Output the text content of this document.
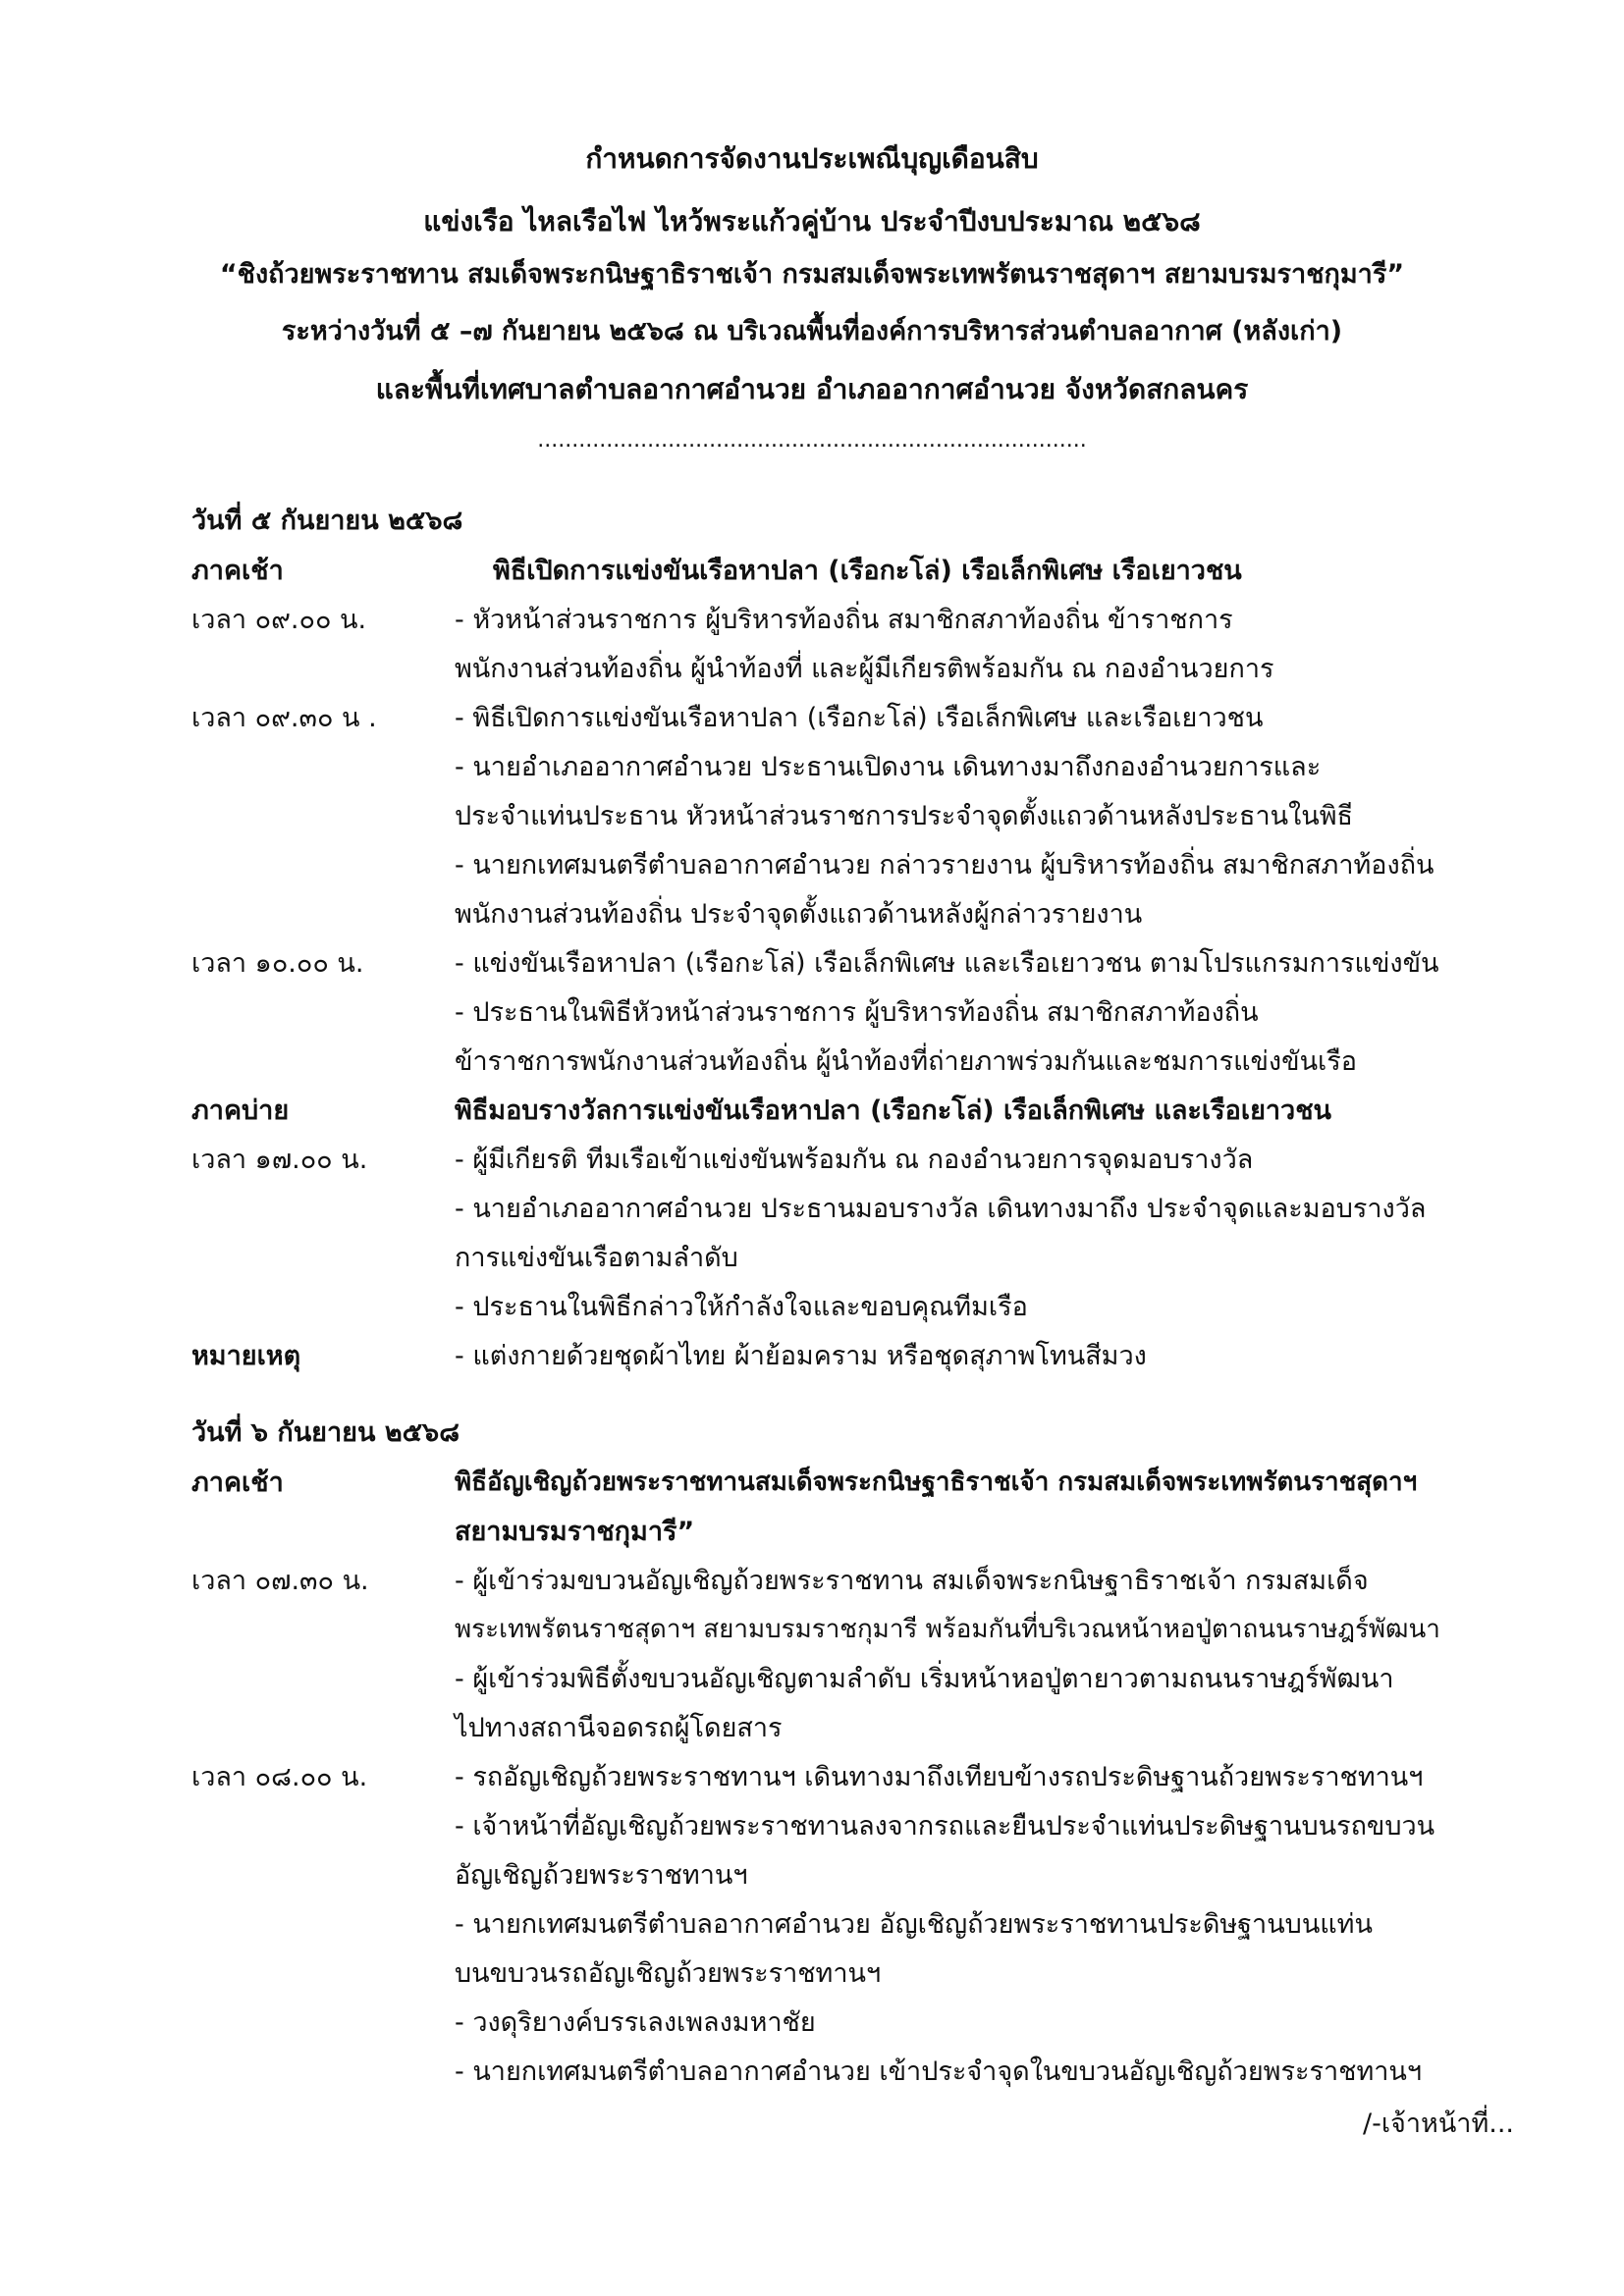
กำหนดการจัดงานประเพณีบุญเดือนสิบ
แข่งเรือ ไหลเรือไฟ ไหว้พระแก้วคู่บ้าน ประจำปีงบประมาณ ๒๕๖๘
“ชิงถ้วยพระราชทาน สมเด็จพระกนิษฐาธิราชเจ้า กรมสมเด็จพระเทพรัตนราชสุดาฯ สยามบรมราชกุมารี”
ระหว่างวันที่ ๕ –๗ กันยายน ๒๕๖๘ ณ บริเวณพื้นที่องค์การบริหารส่วนตำบลอากาศ (หลังเก่า)
และพื้นที่เทศบาลตำบลอากาศอำนวย อำเภออากาศอำนวย จังหวัดสกลนคร
................................................................................
วันที่ ๕ กันยายน ๒๕๖๘
ภาคเช้า	พิธีเปิดการแข่งขันเรือหาปลา (เรือกะโล่) เรือเล็กพิเศษ เรือเยาวชน
เวลา ๐๙.๐๐ น.	- หัวหน้าส่วนราชการ ผู้บริหารท้องถิ่น สมาชิกสภาท้องถิ่น ข้าราชการ
พนักงานส่วนท้องถิ่น ผู้นำท้องที่ และผู้มีเกียรติพร้อมกัน ณ กองอำนวยการ
เวลา ๐๙.๓๐ น .	- พิธีเปิดการแข่งขันเรือหาปลา (เรือกะโล่) เรือเล็กพิเศษ และเรือเยาวชน
- นายอำเภออากาศอำนวย ประธานเปิดงาน เดินทางมาถึงกองอำนวยการและ
ประจำแท่นประธาน หัวหน้าส่วนราชการประจำจุดตั้งแถวด้านหลังประธานในพิธี
- นายกเทศมนตรีตำบลอากาศอำนวย กล่าวรายงาน ผู้บริหารท้องถิ่น สมาชิกสภาท้องถิ่น
พนักงานส่วนท้องถิ่น ประจำจุดตั้งแถวด้านหลังผู้กล่าวรายงาน
เวลา ๑๐.๐๐ น.	- แข่งขันเรือหาปลา (เรือกะโล่) เรือเล็กพิเศษ และเรือเยาวชน ตามโปรแกรมการแข่งขัน
- ประธานในพิธีหัวหน้าส่วนราชการ ผู้บริหารท้องถิ่น สมาชิกสภาท้องถิ่น
ข้าราชการพนักงานส่วนท้องถิ่น ผู้นำท้องที่ถ่ายภาพร่วมกันและชมการแข่งขันเรือ
ภาคบ่าย	พิธีมอบรางวัลการแข่งขันเรือหาปลา (เรือกะโล่) เรือเล็กพิเศษ และเรือเยาวชน
เวลา ๑๗.๐๐ น.	- ผู้มีเกียรติ ทีมเรือเข้าแข่งขันพร้อมกัน ณ กองอำนวยการจุดมอบรางวัล
- นายอำเภออากาศอำนวย ประธานมอบรางวัล เดินทางมาถึง ประจำจุดและมอบรางวัล
การแข่งขันเรือตามลำดับ
- ประธานในพิธีกล่าวให้กำลังใจและขอบคุณทีมเรือ
หมายเหตุ	- แต่งกายด้วยชุดผ้าไทย ผ้าย้อมคราม หรือชุดสุภาพโทนสีมวง
วันที่ ๖ กันยายน ๒๕๖๘
ภาคเช้า	พิธีอัญเชิญถ้วยพระราชทานสมเด็จพระกนิษฐาธิราชเจ้า กรมสมเด็จพระเทพรัตนราชสุดาฯ
สยามบรมราชกุมารี”
เวลา ๐๗.๓๐ น.	- ผู้เข้าร่วมขบวนอัญเชิญถ้วยพระราชทาน สมเด็จพระกนิษฐาธิราชเจ้า กรมสมเด็จ
พระเทพรัตนราชสุดาฯ สยามบรมราชกุมารี พร้อมกันที่บริเวณหน้าหอปู่ตาถนนราษฎร์พัฒนา
- ผู้เข้าร่วมพิธีตั้งขบวนอัญเชิญตามลำดับ เริ่มหน้าหอปู่ตายาวตามถนนราษฎร์พัฒนา
ไปทางสถานีจอดรถผู้โดยสาร
เวลา ๐๘.๐๐ น.	- รถอัญเชิญถ้วยพระราชทานฯ เดินทางมาถึงเทียบข้างรถประดิษฐานถ้วยพระราชทานฯ
- เจ้าหน้าที่อัญเชิญถ้วยพระราชทานลงจากรถและยืนประจำแท่นประดิษฐานบนรถขบวน
อัญเชิญถ้วยพระราชทานฯ
- นายกเทศมนตรีตำบลอากาศอำนวย อัญเชิญถ้วยพระราชทานประดิษฐานบนแท่น
บนขบวนรถอัญเชิญถ้วยพระราชทานฯ
- วงดุริยางค์บรรเลงเพลงมหาชัย
- นายกเทศมนตรีตำบลอากาศอำนวย เข้าประจำจุดในขบวนอัญเชิญถ้วยพระราชทานฯ
/-เจ้าหน้าที่...
